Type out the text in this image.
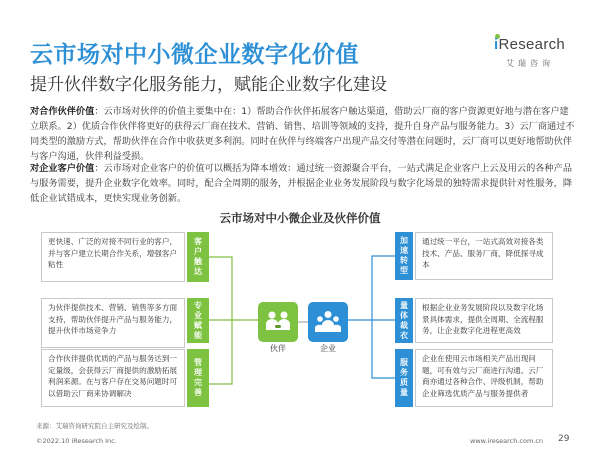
云市场对中小微企业数字化价值
提升伙伴数字化服务能力，赋能企业数字化建设
iResearch
艾瑞咨询
对合作伙伴价值：云市场对伙伴的价值主要集中在：1）帮助合作伙伴拓展客户触达渠道，借助云厂商的客户资源更好地与潜在客户建立联系。2）优质合作伙伴将更好的获得云厂商在技术、营销、销售、培训等领域的支持，提升自身产品与服务能力。3）云厂商通过不同类型的激励方式，帮助伙伴在合作中收获更多利润。同时在伙伴与终端客户出现产品交付等潜在问题时，云厂商可以更好地帮助伙伴与客户沟通，伙伴利益受损。
对企业客户价值：云市场对企业客户的价值可以概括为降本增效：通过统一资源聚合平台，一站式满足企业客户上云及用云的各种产品与服务需要，提升企业数字化效率。同时，配合全周期的服务，并根据企业业务发展阶段与数字化场景的独特需求提供针对性服务，降低企业试错成本，更快实现业务创新。
云市场对中小微企业及伙伴价值
更快速、广泛的对接不同行业的客户，并与客户建立长期合作关系，增强客户粘性
客户触达
为伙伴提供技术、营销、销售等多方面支持，帮助伙伴提升产品与服务能力，提升伙伴市场竞争力
专业赋能
合作伙伴提供优质的产品与服务达到一定量级，会获得云厂商提供的激励拓展利润来源。在与客户存在交易问题时可以借助云厂商来协调解决
管理完善
伙伴	企业
加速转型
通过统一平台，一站式高效对接各类技术、产品、服务厂商，降低探寻成本
量体裁衣
根据企业业务发展阶段以及数字化场景具体需求，提供全周期、全流程服务，让企业数字化进程更高效
服务质量
企业在使用云市场相关产品出现问题，可有效与云厂商进行沟通。云厂商亦通过各种合作、评级机制，帮助企业筛选优质产品与服务提供者
来源：艾瑞咨询研究院自主研究及绘制。
©2022.10 iResearch Inc.	www.iresearch.com.cn 29
